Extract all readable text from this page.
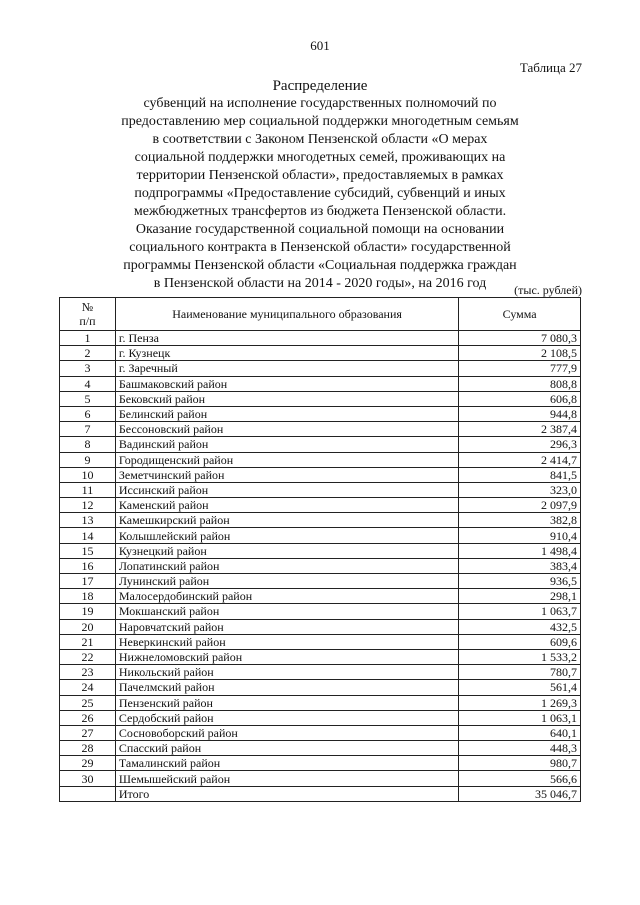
601
Таблица 27
Распределение
субвенций на исполнение государственных полномочий по
предоставлению мер социальной поддержки многодетным семьям
в соответствии с Законом Пензенской области «О мерах
социальной поддержки многодетных семей, проживающих на
территории Пензенской области», предоставляемых в рамках
подпрограммы «Предоставление субсидий, субвенций и иных
межбюджетных трансфертов из бюджета Пензенской области.
Оказание государственной социальной помощи на основании
социального контракта в Пензенской области» государственной
программы Пензенской области «Социальная поддержка граждан
в Пензенской области на 2014 - 2020 годы», на 2016 год	(тыс. рублей)
№
п/п	Наименование муниципального образования	Сумма
1	г. Пенза	7 080,3
2	г. Кузнецк	2 108,5
3	г. Заречный	777,9
4	Башмаковский район	808,8
5	Бековский район	606,8
6	Белинский район	944,8
7	Бессоновский район	2 387,4
8	Вадинский район	296,3
9	Городищенский район	2 414,7
10	Земетчинский район	841,5
11	Иссинский район	323,0
12	Каменский район	2 097,9
13	Камешкирский район	382,8
14	Колышлейский район	910,4
15	Кузнецкий район	1 498,4
16	Лопатинский район	383,4
17	Лунинский район	936,5
18	Малосердобинский район	298,1
19	Мокшанский район	1 063,7
20	Наровчатский район	432,5
21	Неверкинский район	609,6
22	Нижнеломовский район	1 533,2
23	Никольский район	780,7
24	Пачелмский район	561,4
25	Пензенский район	1 269,3
26	Сердобский район	1 063,1
27	Сосновоборский район	640,1
28	Спасский район	448,3
29	Тамалинский район	980,7
30	Шемышейский район	566,6
	Итого	35 046,7
